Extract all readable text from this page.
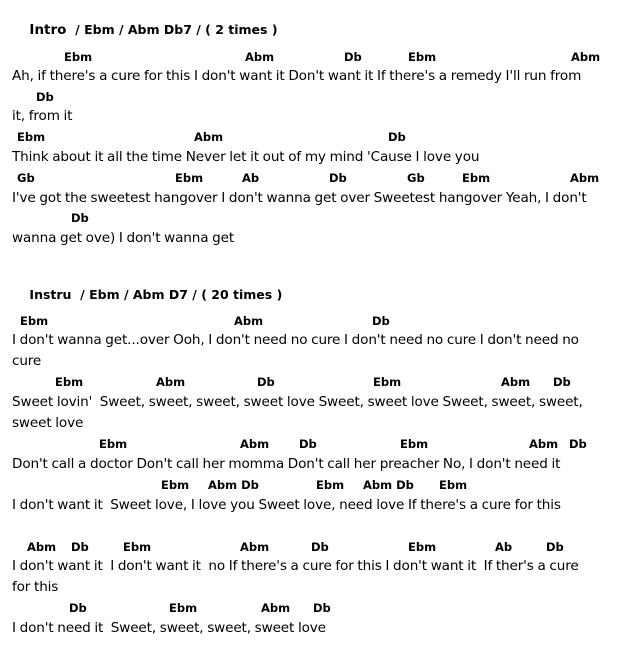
Intro / Ebm / Abm Db7 / ( 2 times )

Ebm	Abm	Db	Ebm	Abm
Ah, if there's a cure for this I don't want it Don't want it If there's a remedy I'll run from
Db
it, from it
Ebm	Abm	Db
Think about it all the time Never let it out of my mind 'Cause I love you
Gb	Ebm	Ab	Db	Gb	Ebm	Abm
I've got the sweetest hangover I don't wanna get over Sweetest hangover Yeah, I don't
Db
wanna get ove) I don't wanna get

Instru / Ebm / Abm D7 / ( 20 times )

Ebm	Abm	Db
I don't wanna get...over Ooh, I don't need no cure I don't need no cure I don't need no
cure
Ebm	Abm	Db	Ebm	Abm Db
Sweet lovin'  Sweet, sweet, sweet, sweet love Sweet, sweet love Sweet, sweet, sweet,
sweet love
Ebm	Abm	Db	Ebm	Abm Db
Don't call a doctor Don't call her momma Don't call her preacher No, I don't need it
Ebm Abm Db	Ebm Abm Db Ebm
I don't want it  Sweet love, I love you Sweet love, need love If there's a cure for this
Abm Db	Ebm	Abm	Db	Ebm	Ab	Db
I don't want it  I don't want it  no If there's a cure for this I don't want it  If ther's a cure
for this
Db	Ebm	Abm Db
I don't need it  Sweet, sweet, sweet, sweet love
